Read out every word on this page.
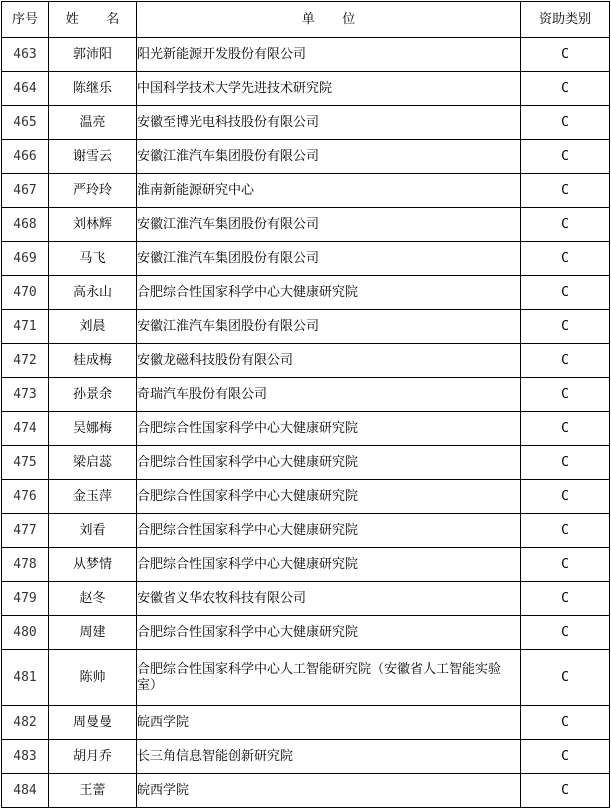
序号	姓 名	单 位	资助类别
463	郭沛阳	阳光新能源开发股份有限公司	C
464	陈继乐	中国科学技术大学先进技术研究院	C
465	温亮	安徽至博光电科技股份有限公司	C
466	谢雪云	安徽江淮汽车集团股份有限公司	C
467	严玲玲	淮南新能源研究中心	C
468	刘林辉	安徽江淮汽车集团股份有限公司	C
469	马飞	安徽江淮汽车集团股份有限公司	C
470	高永山	合肥综合性国家科学中心大健康研究院	C
471	刘晨	安徽江淮汽车集团股份有限公司	C
472	桂成梅	安徽龙磁科技股份有限公司	C
473	孙景余	奇瑞汽车股份有限公司	C
474	吴娜梅	合肥综合性国家科学中心大健康研究院	C
475	梁启蕊	合肥综合性国家科学中心大健康研究院	C
476	金玉萍	合肥综合性国家科学中心大健康研究院	C
477	刘看	合肥综合性国家科学中心大健康研究院	C
478	从梦情	合肥综合性国家科学中心大健康研究院	C
479	赵冬	安徽省义华农牧科技有限公司	C
480	周建	合肥综合性国家科学中心大健康研究院	C
481	陈帅	合肥综合性国家科学中心人工智能研究院（安徽省人工智能实验室）	C
482	周曼曼	皖西学院	C
483	胡月乔	长三角信息智能创新研究院	C
484	王蕾	皖西学院	C
